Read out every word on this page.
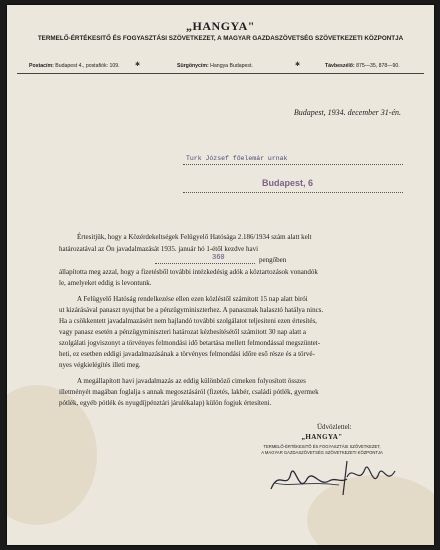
„HANGYA"
TERMELŐ-ÉRTÉKESITŐ ÉS FOGYASZTÁSI SZÖVETKEZET, A MAGYAR GAZDASZÖVETSÉG SZÖVETKEZETI KÖZPONTJA
Postacím: Budapest 4., postafiók: 109.	✱	Sürgönycím: Hangya Budapest.	✱	Távbeszélő: 875—35, 878—90.
Budapest, 1934. december 31-én.
Turk József főelemár urnak
Budapest, 6
Értesitjük, hogy a Közérdekeltségek Felügyelő Hatósága 2.186/1934 szám alatt kelt
határozatával az Ön javadalmazását 1935. január hó 1-étől kezdve havi
360	pengőben
állapította meg azzal, hogy a fizetésből további intézkedésig adók a köztartozások vonandók
le, amelyeket eddig is levontunk.
A Felügyelő Hatóság rendelkezése ellen ezen közléstől számitott 15 nap alatt birói
ut kizárásával panaszt nyujthat be a pénzügyminiszterhez. A panasznak halasztó hatálya nincs.
Ha a csökkentett javadalmazásért nem hajlandó további szolgálatot teljesiteni ezen értesítés,
vagy panasz esetén a pénzügyminiszteri határozat kézbesítésétől számitott 30 nap alatt a
szolgálati jogviszonyt a törvényes felmondási idő betartása mellett felmondással megszüntet-
heti, ez esetben eddigi javadalmazásának a törvényes felmondási időre eső része és a törvé-
nyes végkielégítés illeti meg.
A megállapított havi javadalmazás az eddig különböző cimeken folyosított összes
illetményét magában foglalja s annak megosztásáról (fizetés, lakbér, családi pótlék, gyermek
pótlék, egyéb pótlék és nyugdíjpénztári járulékalap) külön fogjuk értesíteni.
Üdvözlettel:
„HANGYA"
TERMELŐ-ÉRTÉKESITŐ ÉS FOGYASZTÁSI SZÖVETKEZET,
A MAGYAR GAZDASZÖVETSÉG SZÖVETKEZETI KÖZPONTJA
